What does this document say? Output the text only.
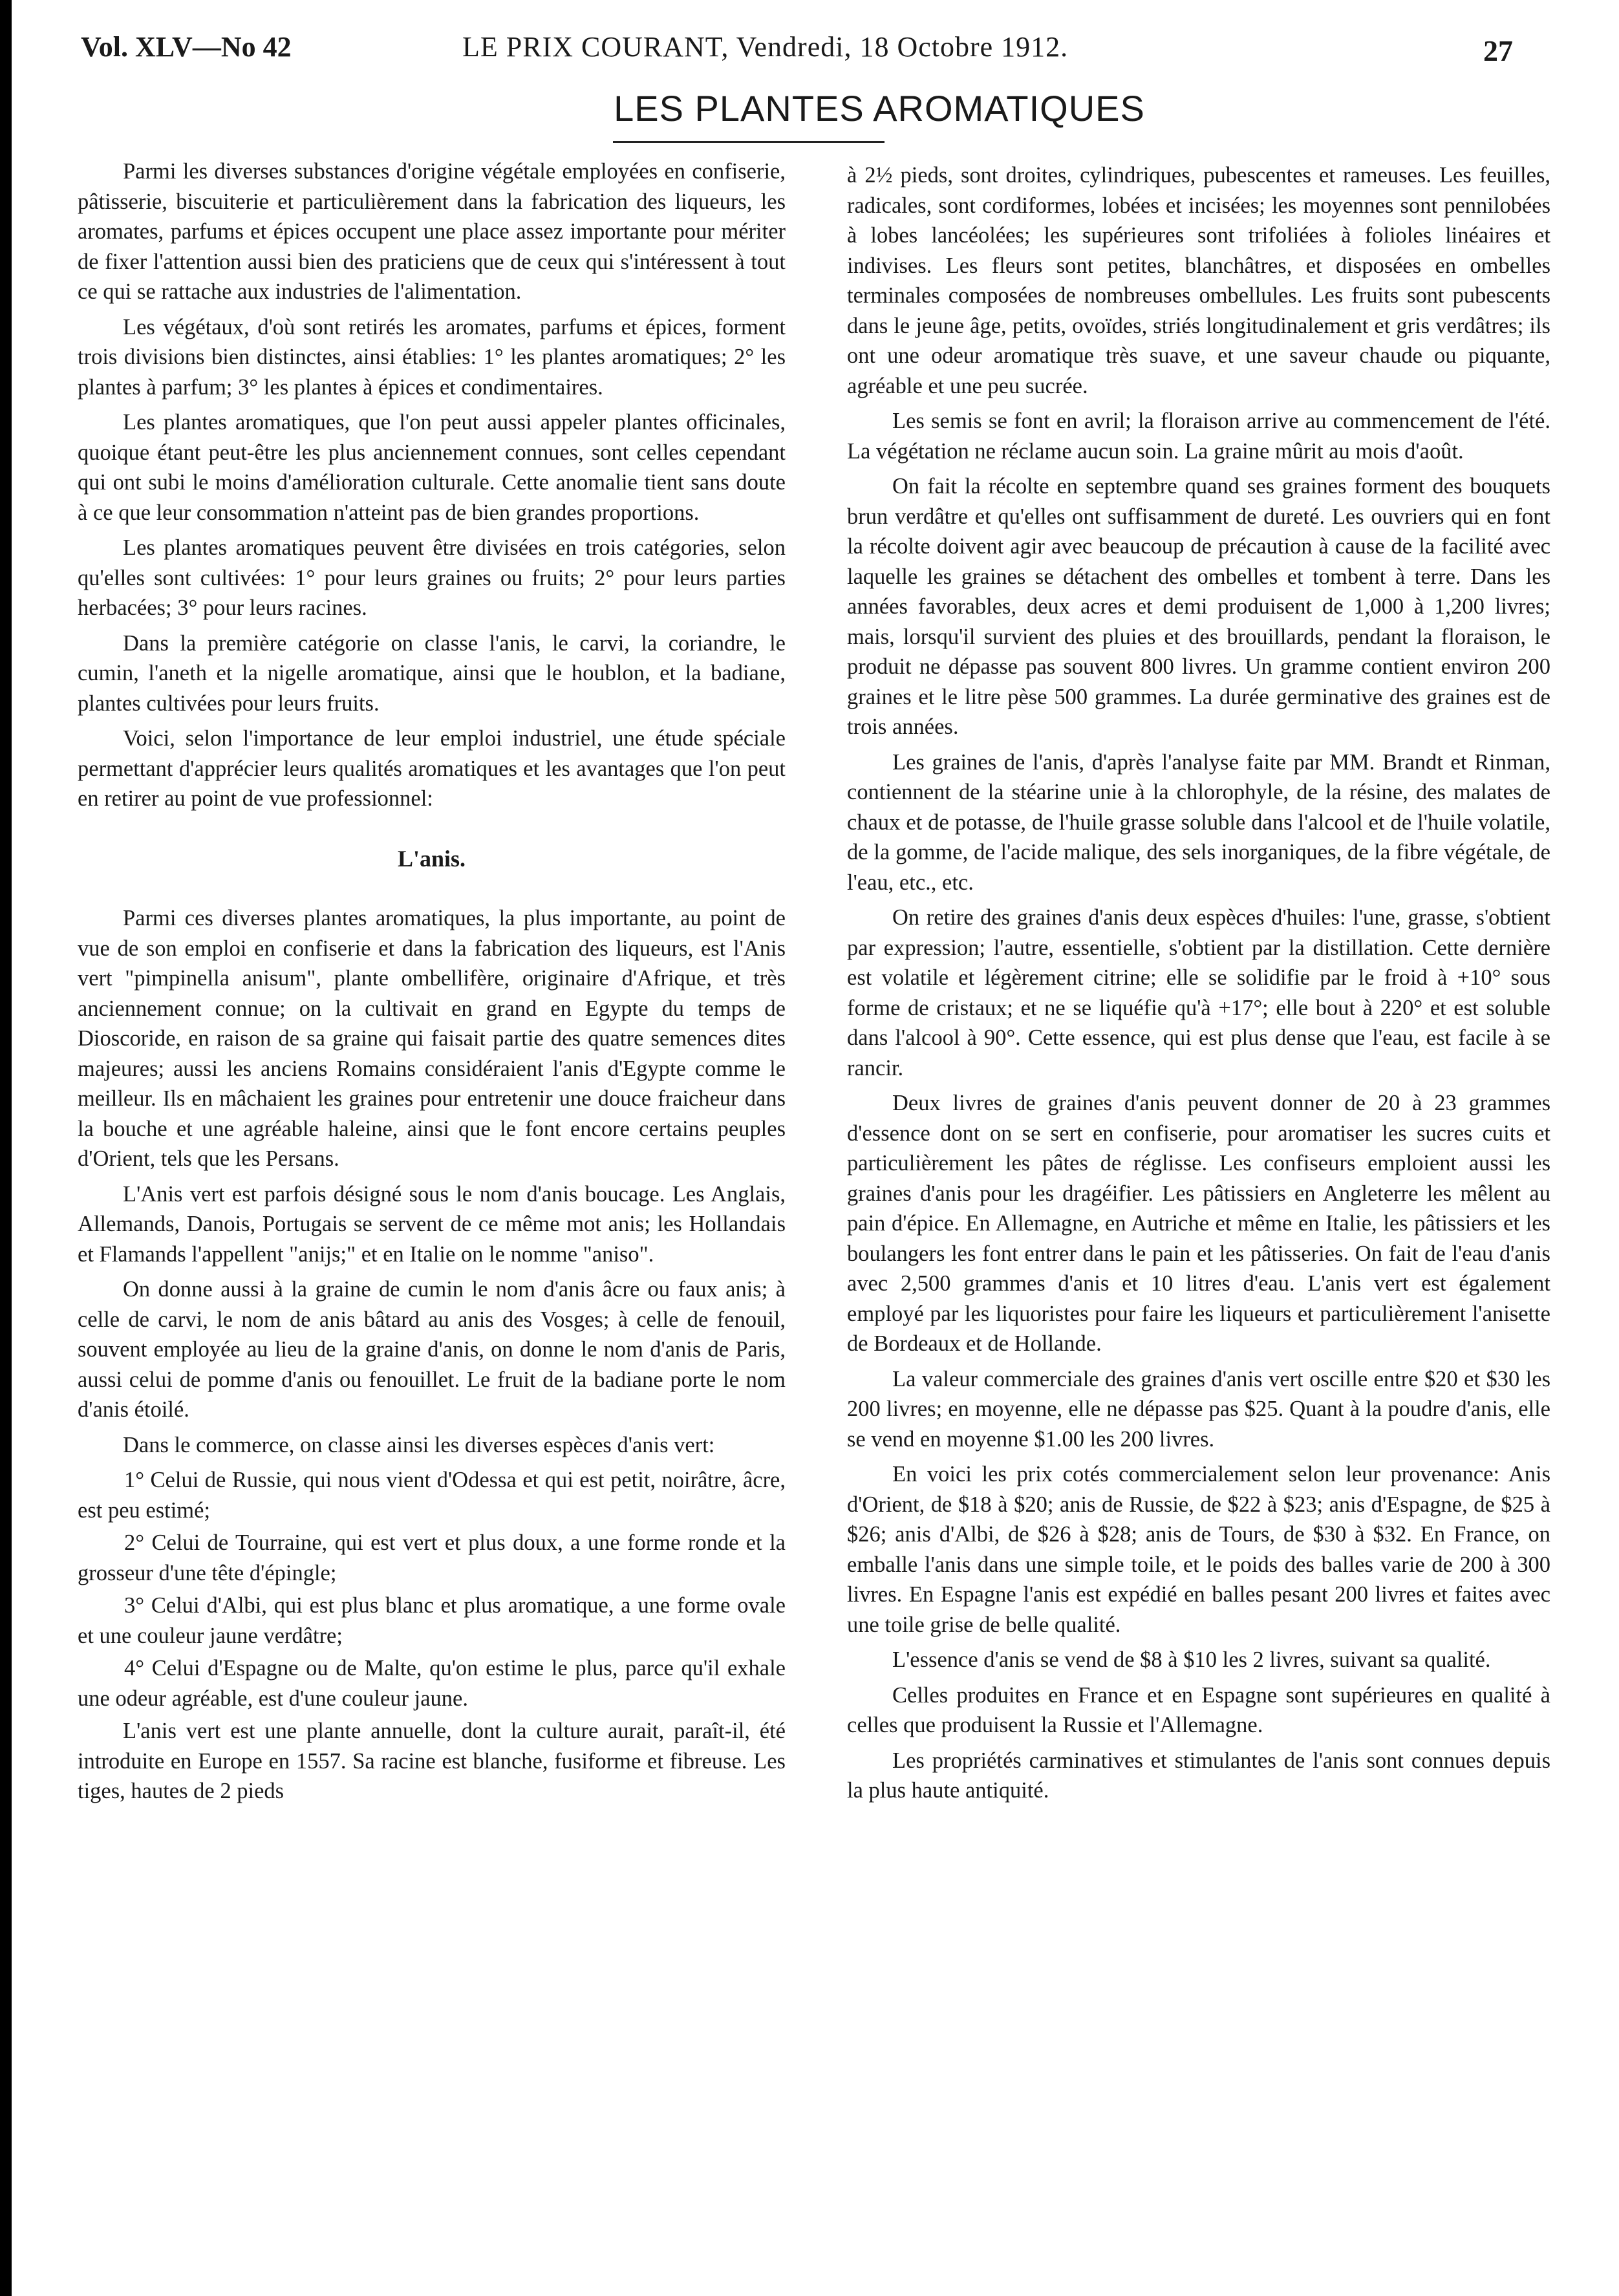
Vol. XLV—No 42	LE PRIX COURANT, Vendredi, 18 Octobre 1912.	27
LES PLANTES AROMATIQUES

Parmi les diverses substances d'origine végétale employées en confiserie, pâtisserie, biscuiterie et particulièrement dans la fabrication des liqueurs, les aromates, parfums et épices occupent une place assez importante pour mériter de fixer l'attention aussi bien des praticiens que de ceux qui s'intéressent à tout ce qui se rattache aux industries de l'alimentation.

Les végétaux, d'où sont retirés les aromates, parfums et épices, forment trois divisions bien distinctes, ainsi établies: 1° les plantes aromatiques; 2° les plantes à parfum; 3° les plantes à épices et condimentaires.

Les plantes aromatiques, que l'on peut aussi appeler plantes officinales, quoique étant peut-être les plus anciennement connues, sont celles cependant qui ont subi le moins d'amélioration culturale. Cette anomalie tient sans doute à ce que leur consommation n'atteint pas de bien grandes proportions.

Les plantes aromatiques peuvent être divisées en trois catégories, selon qu'elles sont cultivées: 1° pour leurs graines ou fruits; 2° pour leurs parties herbacées; 3° pour leurs racines.

Dans la première catégorie on classe l'anis, le carvi, la coriandre, le cumin, l'aneth et la nigelle aromatique, ainsi que le houblon, et la badiane, plantes cultivées pour leurs fruits.

Voici, selon l'importance de leur emploi industriel, une étude spéciale permettant d'apprécier leurs qualités aromatiques et les avantages que l'on peut en retirer au point de vue professionnel:

L'anis.

Parmi ces diverses plantes aromatiques, la plus importante, au point de vue de son emploi en confiserie et dans la fabrication des liqueurs, est l'Anis vert "pimpinella anisum", plante ombellifère, originaire d'Afrique, et très anciennement connue; on la cultivait en grand en Egypte du temps de Dioscoride, en raison de sa graine qui faisait partie des quatre semences dites majeures; aussi les anciens Romains considéraient l'anis d'Egypte comme le meilleur. Ils en mâchaient les graines pour entretenir une douce fraicheur dans la bouche et une agréable haleine, ainsi que le font encore certains peuples d'Orient, tels que les Persans.

L'Anis vert est parfois désigné sous le nom d'anis boucage. Les Anglais, Allemands, Danois, Portugais se servent de ce même mot anis; les Hollandais et Flamands l'appellent "anijs;" et en Italie on le nomme "aniso".

On donne aussi à la graine de cumin le nom d'anis âcre ou faux anis; à celle de carvi, le nom de anis bâtard au anis des Vosges; à celle de fenouil, souvent employée au lieu de la graine d'anis, on donne le nom d'anis de Paris, aussi celui de pomme d'anis ou fenouillet. Le fruit de la badiane porte le nom d'anis étoilé.

Dans le commerce, on classe ainsi les diverses espèces d'anis vert:

1° Celui de Russie, qui nous vient d'Odessa et qui est petit, noirâtre, âcre, est peu estimé;

2° Celui de Tourraine, qui est vert et plus doux, a une forme ronde et la grosseur d'une tête d'épingle;

3° Celui d'Albi, qui est plus blanc et plus aromatique, a une forme ovale et une couleur jaune verdâtre;

4° Celui d'Espagne ou de Malte, qu'on estime le plus, parce qu'il exhale une odeur agréable, est d'une couleur jaune.

L'anis vert est une plante annuelle, dont la culture aurait, paraît-il, été introduite en Europe en 1557. Sa racine est blanche, fusiforme et fibreuse. Les tiges, hautes de 2 pieds

à 2½ pieds, sont droites, cylindriques, pubescentes et rameuses. Les feuilles, radicales, sont cordiformes, lobées et incisées; les moyennes sont pennilobées à lobes lancéolées; les supérieures sont trifoliées à folioles linéaires et indivises. Les fleurs sont petites, blanchâtres, et disposées en ombelles terminales composées de nombreuses ombellules. Les fruits sont pubescents dans le jeune âge, petits, ovoïdes, striés longitudinalement et gris verdâtres; ils ont une odeur aromatique très suave, et une saveur chaude ou piquante, agréable et une peu sucrée.

Les semis se font en avril; la floraison arrive au commencement de l'été. La végétation ne réclame aucun soin. La graine mûrit au mois d'août.

On fait la récolte en septembre quand ses graines forment des bouquets brun verdâtre et qu'elles ont suffisamment de dureté. Les ouvriers qui en font la récolte doivent agir avec beaucoup de précaution à cause de la facilité avec laquelle les graines se détachent des ombelles et tombent à terre. Dans les années favorables, deux acres et demi produisent de 1,000 à 1,200 livres; mais, lorsqu'il survient des pluies et des brouillards, pendant la floraison, le produit ne dépasse pas souvent 800 livres. Un gramme contient environ 200 graines et le litre pèse 500 grammes. La durée germinative des graines est de trois années.

Les graines de l'anis, d'après l'analyse faite par MM. Brandt et Rinman, contiennent de la stéarine unie à la chlorophyle, de la résine, des malates de chaux et de potasse, de l'huile grasse soluble dans l'alcool et de l'huile volatile, de la gomme, de l'acide malique, des sels inorganiques, de la fibre végétale, de l'eau, etc., etc.

On retire des graines d'anis deux espèces d'huiles: l'une, grasse, s'obtient par expression; l'autre, essentielle, s'obtient par la distillation. Cette dernière est volatile et légèrement citrine; elle se solidifie par le froid à +10° sous forme de cristaux; et ne se liquéfie qu'à +17°; elle bout à 220° et est soluble dans l'alcool à 90°. Cette essence, qui est plus dense que l'eau, est facile à se rancir.

Deux livres de graines d'anis peuvent donner de 20 à 23 grammes d'essence dont on se sert en confiserie, pour aromatiser les sucres cuits et particulièrement les pâtes de réglisse. Les confiseurs emploient aussi les graines d'anis pour les dragéifier. Les pâtissiers en Angleterre les mêlent au pain d'épice. En Allemagne, en Autriche et même en Italie, les pâtissiers et les boulangers les font entrer dans le pain et les pâtisseries. On fait de l'eau d'anis avec 2,500 grammes d'anis et 10 litres d'eau. L'anis vert est également employé par les liquoristes pour faire les liqueurs et particulièrement l'anisette de Bordeaux et de Hollande.

La valeur commerciale des graines d'anis vert oscille entre $20 et $30 les 200 livres; en moyenne, elle ne dépasse pas $25. Quant à la poudre d'anis, elle se vend en moyenne $1.00 les 200 livres.

En voici les prix cotés commercialement selon leur provenance: Anis d'Orient, de $18 à $20; anis de Russie, de $22 à $23; anis d'Espagne, de $25 à $26; anis d'Albi, de $26 à $28; anis de Tours, de $30 à $32. En France, on emballe l'anis dans une simple toile, et le poids des balles varie de 200 à 300 livres. En Espagne l'anis est expédié en balles pesant 200 livres et faites avec une toile grise de belle qualité.

L'essence d'anis se vend de $8 à $10 les 2 livres, suivant sa qualité.

Celles produites en France et en Espagne sont supérieures en qualité à celles que produisent la Russie et l'Allemagne.

Les propriétés carminatives et stimulantes de l'anis sont connues depuis la plus haute antiquité.
